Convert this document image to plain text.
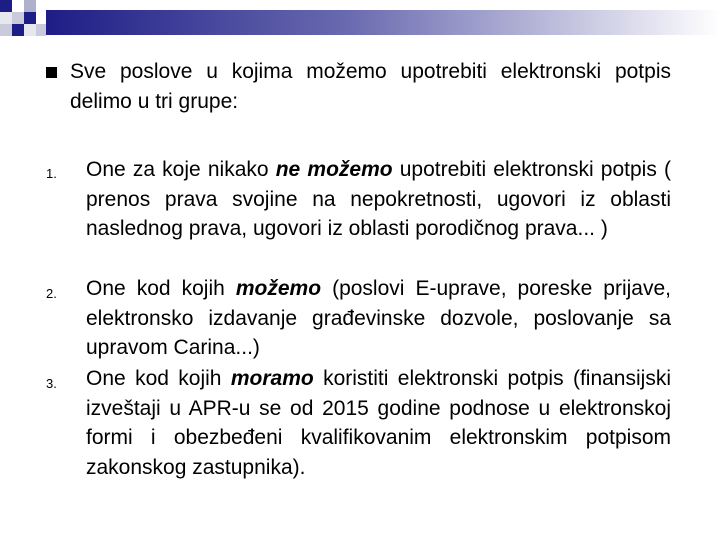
Sve poslove u kojima možemo upotrebiti elektronski potpis delimo u tri grupe:
1. One za koje nikako ne možemo upotrebiti elektronski potpis ( prenos prava svojine na nepokretnosti, ugovori iz oblasti naslednog prava, ugovori iz oblasti porodičnog prava... )
2. One kod kojih možemo (poslovi E-uprave, poreske prijave, elektronsko izdavanje građevinske dozvole, poslovanje sa upravom Carina...)
3. One kod kojih moramo koristiti elektronski potpis (finansijski izveštaji u APR-u se od 2015 godine podnose u elektronskoj formi i obezbeđeni kvalifikovanim elektronskim potpisom zakonskog zastupnika).
